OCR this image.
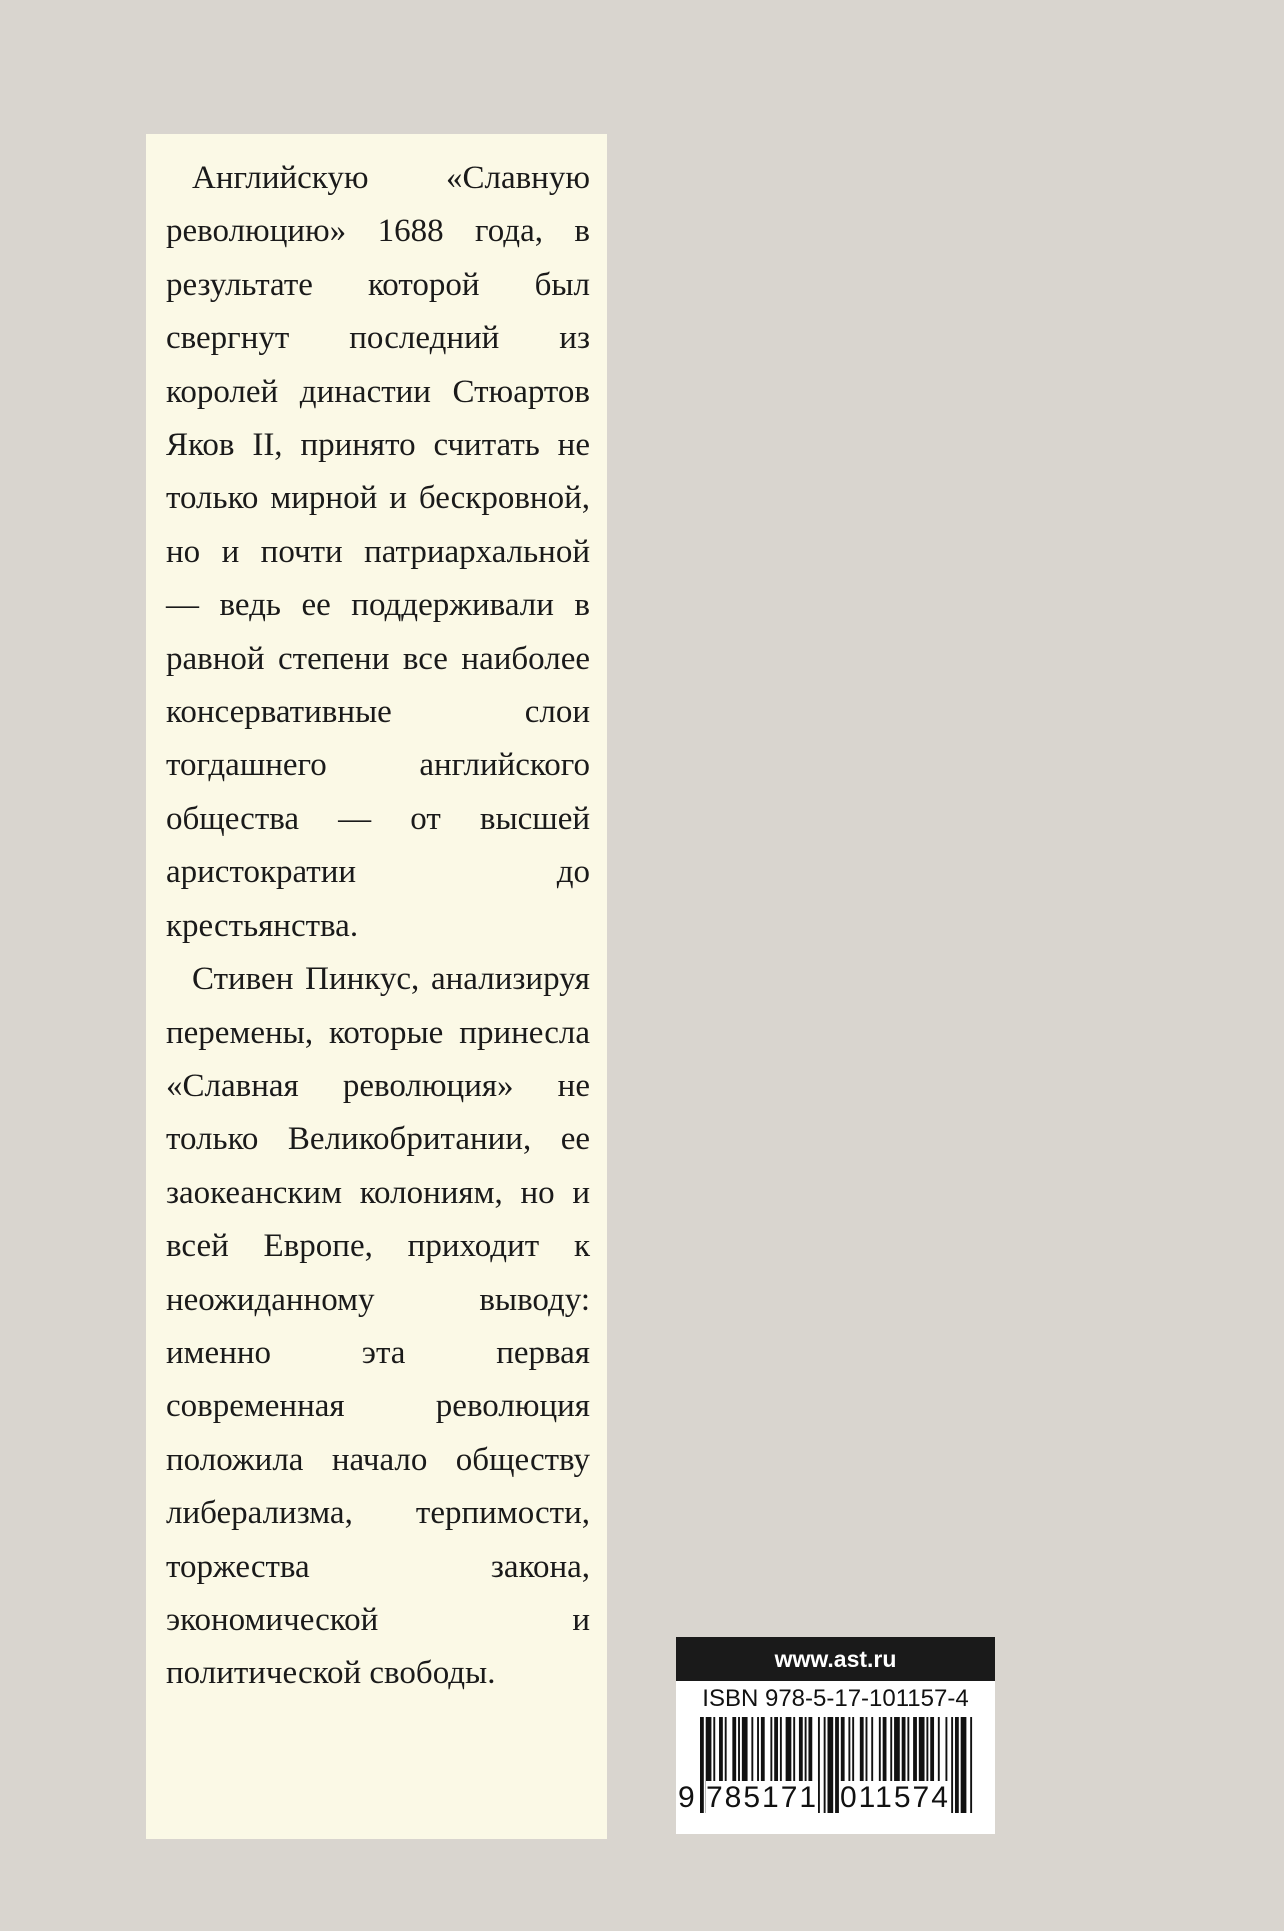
Английскую «Славную революцию» 1688 года, в результате которой был свергнут последний из королей династии Стюартов Яков II, принято считать не только мирной и бескровной, но и почти патриархальной — ведь ее поддерживали в равной степени все наиболее консервативные слои тогдашнего английского общества — от высшей аристократии до крестьянства.

Стивен Пинкус, анализируя перемены, которые принесла «Славная революция» не только Великобритании, ее заокеанским колониям, но и всей Европе, приходит к неожиданному выводу: именно эта первая современная революция положила начало обществу либерализма, терпимости, торжества закона, экономической и политической свободы.	www.ast.ru
ISBN 978-5-17-101157-4
9 785171 011574
